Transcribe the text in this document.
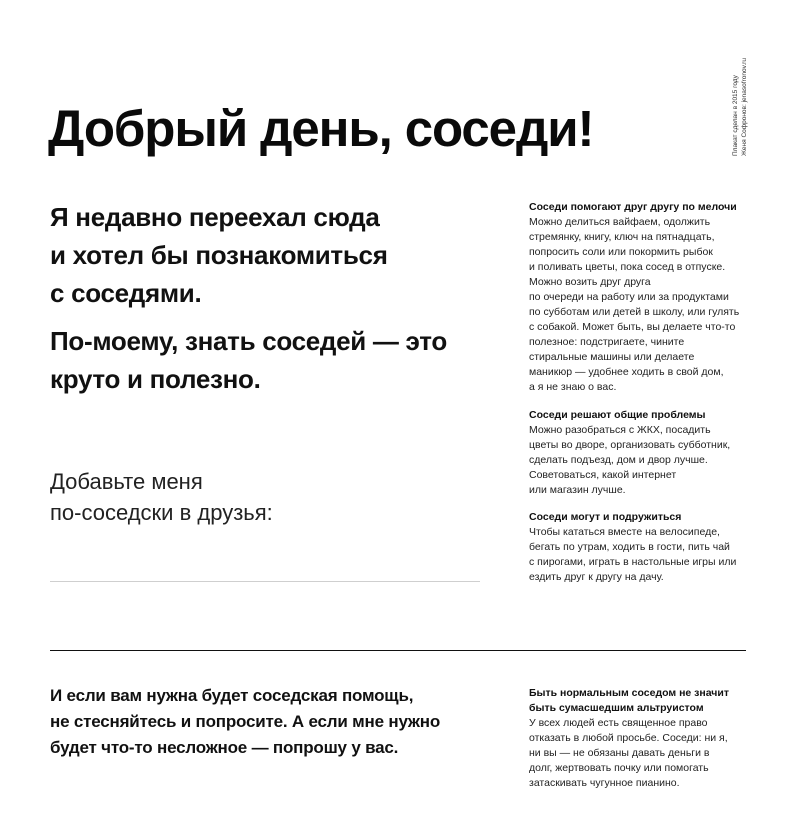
Плакат сделан в 2015 году Женя Софронов: jenasofronov.ru
Добрый день, соседи!

Я недавно переехал сюда
и хотел бы познакомиться
с соседями.

По-моему, знать соседей — это круто и полезно.

Добавьте меня
по-соседски в друзья:

Соседи помогают друг другу по мелочи

Можно делиться вайфаем, одолжить
стремянку, книгу, ключ на пятнадцать,
попросить соли или покормить рыбок
и поливать цветы, пока сосед в отпуске.
Можно возить друг друга
по очереди на работу или за продуктами
по субботам или детей в школу, или гулять
с собакой. Может быть, вы делаете что-то
полезное: подстригаете, чините
стиральные машины или делаете
маникюр — удобнее ходить в свой дом,
а я не знаю о вас.

Соседи решают общие проблемы

Можно разобраться с ЖКХ, посадить
цветы во дворе, организовать субботник,
сделать подъезд, дом и двор лучше.
Советоваться, какой интернет
или магазин лучше.

Соседи могут и подружиться

Чтобы кататься вместе на велосипеде,
бегать по утрам, ходить в гости, пить чай
с пирогами, играть в настольные игры или
ездить друг к другу на дачу.

И если вам нужна будет соседская помощь,
не стесняйтесь и попросите. А если мне нужно
будет что-то несложное — попрошу у вас.

Быть нормальным соседом не значит
быть сумасшедшим альтруистом

У всех людей есть священное право
отказать в любой просьбе. Соседи: ни я,
ни вы — не обязаны давать деньги в
долг, жертвовать почку или помогать
затаскивать чугунное пианино.
